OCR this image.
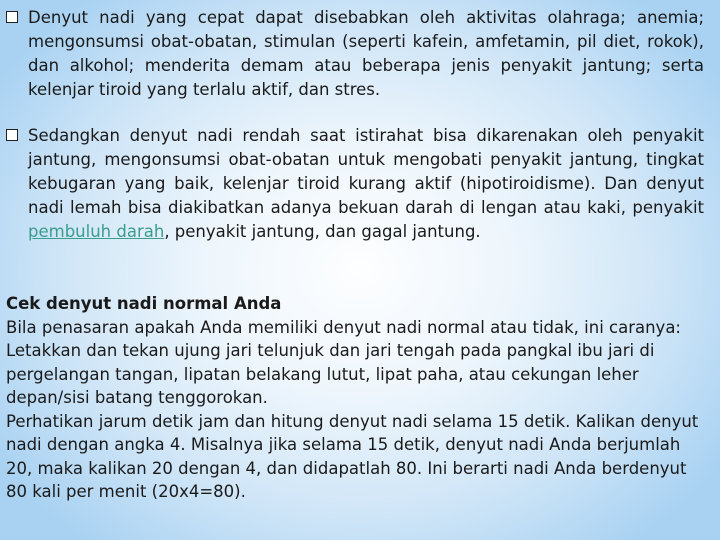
Denyut nadi yang cepat dapat disebabkan oleh aktivitas olahraga; anemia; mengonsumsi obat-obatan, stimulan (seperti kafein, amfetamin, pil diet, rokok), dan alkohol; menderita demam atau beberapa jenis penyakit jantung; serta kelenjar tiroid yang terlalu aktif, dan stres.
Sedangkan denyut nadi rendah saat istirahat bisa dikarenakan oleh penyakit jantung, mengonsumsi obat-obatan untuk mengobati penyakit jantung, tingkat kebugaran yang baik, kelenjar tiroid kurang aktif (hipotiroidisme). Dan denyut nadi lemah bisa diakibatkan adanya bekuan darah di lengan atau kaki, penyakit pembuluh darah, penyakit jantung, dan gagal jantung.
Cek denyut nadi normal Anda
Bila penasaran apakah Anda memiliki denyut nadi normal atau tidak, ini caranya: Letakkan dan tekan ujung jari telunjuk dan jari tengah pada pangkal ibu jari di pergelangan tangan, lipatan belakang lutut, lipat paha, atau cekungan leher depan/sisi batang tenggorokan.
Perhatikan jarum detik jam dan hitung denyut nadi selama 15 detik. Kalikan denyut nadi dengan angka 4. Misalnya jika selama 15 detik, denyut nadi Anda berjumlah 20, maka kalikan 20 dengan 4, dan didapatlah 80. Ini berarti nadi Anda berdenyut 80 kali per menit (20x4=80).
